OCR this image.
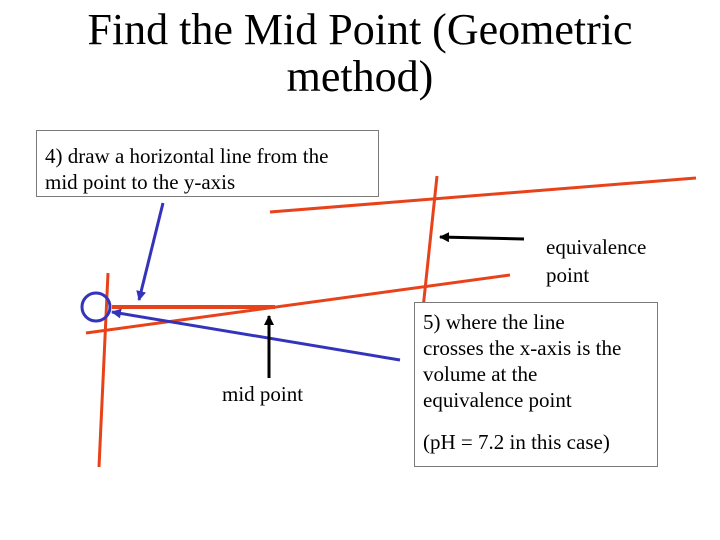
Find the Mid Point (Geometric
method)
4) draw a horizontal line from the
mid point to the y-axis
equivalence
point
mid point
5) where the line
crosses the x-axis is the
volume at the
equivalence point
(pH = 7.2 in this case)
